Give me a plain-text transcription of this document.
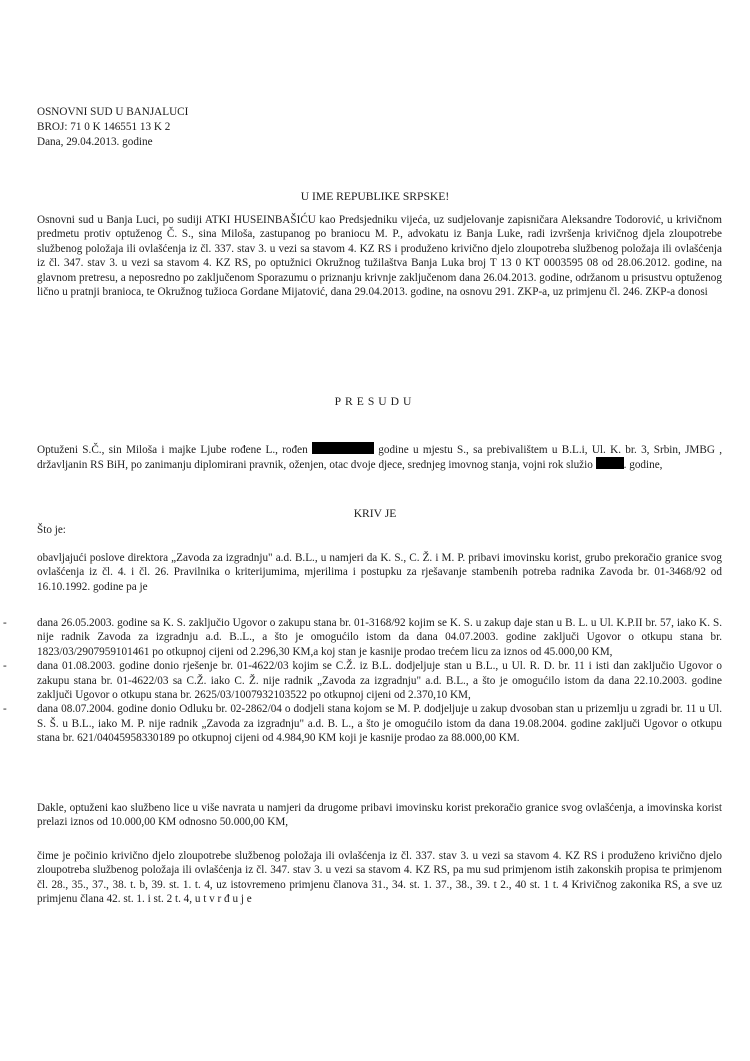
OSNOVNI SUD U BANJALUCI
BROJ: 71 0 K 146551 13 K 2
Dana, 29.04.2013. godine

U IME REPUBLIKE SRPSKE!

Osnovni sud u Banja Luci, po sudiji ATKI HUSEINBAŠIĆU kao Predsjedniku vijeća, uz sudjelovanje zapisničara Aleksandre Todorović, u krivičnom predmetu protiv optuženog Č. S., sina Miloša, zastupanog po braniocu M. P., advokatu iz Banja Luke, radi izvršenja krivičnog djela zloupotrebe službenog položaja ili ovlašćenja iz čl. 337. stav 3. u vezi sa stavom 4. KZ RS i produženo krivično djelo zloupotreba službenog položaja ili ovlašćenja iz čl. 347. stav 3. u vezi sa stavom 4. KZ RS, po optužnici Okružnog tužilaštva Banja Luka broj T 13 0 KT 0003595 08 od 28.06.2012. godine, na glavnom pretresu, a neposredno po zaključenom Sporazumu o priznanju krivnje zaključenom dana 26.04.2013. godine, održanom u prisustvu optuženog lično u pratnji branioca, te Okružnog tužioca Gordane Mijatović, dana 29.04.2013. godine, na osnovu 291. ZKP-a, uz primjenu čl. 246. ZKP-a donosi

PRESUDU

Optuženi S.Č., sin Miloša i majke Ljube rođene L., rođen	godine u mjestu S., sa prebivalištem u B.L.i, Ul. K. br. 3, Srbin, JMBG , državljanin RS BiH, po zanimanju diplomirani pravnik, oženjen, otac dvoje djece, srednjeg imovnog stanja, vojni rok služio	. godine,

KRIV JE

Što je:

obavljajući poslove direktora „Zavoda za izgradnju" a.d. B.L., u namjeri da K. S., C. Ž. i M. P. pribavi imovinsku korist, grubo prekoračio granice svog ovlašćenja iz čl. 4. i čl. 26. Pravilnika o kriterijumima, mjerilima i postupku za rješavanje stambenih potreba radnika Zavoda br. 01-3468/92 od 16.10.1992. godine pa je

-	dana 26.05.2003. godine sa K. S. zaključio Ugovor o zakupu stana br. 01-3168/92 kojim se K. S. u zakup daje stan u B. L. u Ul. K.P.II br. 57, iako K. S. nije radnik Zavoda za izgradnju a.d. B..L., a što je omogućilo istom da dana 04.07.2003. godine zaključi Ugovor o otkupu stana br. 1823/03/2907959101461 po otkupnoj cijeni od 2.296,30 KM,a koj stan je kasnije prodao trećem licu za iznos od 45.000,00 KM,
-	dana 01.08.2003. godine donio rješenje br. 01-4622/03 kojim se C.Ž. iz B.L. dodjeljuje stan u B.L., u Ul. R. D. br. 11 i isti dan zaključio Ugovor o zakupu stana br. 01-4622/03 sa C.Ž. iako C. Ž. nije radnik „Zavoda za izgradnju" a.d. B.L., a što je omogućilo istom da dana 22.10.2003. godine zaključi Ugovor o otkupu stana br. 2625/03/1007932103522 po otkupnoj cijeni od 2.370,10 KM,
-	dana 08.07.2004. godine donio Odluku br. 02-2862/04 o dodjeli stana kojom se M. P. dodjeljuje u zakup dvosoban stan u prizemlju u zgradi br. 11 u Ul. S. Š. u B.L., iako M. P. nije radnik „Zavoda za izgradnju" a.d. B. L., a što je omogućilo istom da dana 19.08.2004. godine zaključi Ugovor o otkupu stana br. 621/04045958330189 po otkupnoj cijeni od 4.984,90 KM koji je kasnije prodao za 88.000,00 KM.

Dakle, optuženi kao službeno lice u više navrata u namjeri da drugome pribavi imovinsku korist prekoračio granice svog ovlašćenja, a imovinska korist prelazi iznos od 10.000,00 KM odnosno 50.000,00 KM,

čime je počinio krivično djelo zloupotrebe službenog položaja ili ovlašćenja iz čl. 337. stav 3. u vezi sa stavom 4. KZ RS i produženo krivično djelo zloupotreba službenog položaja ili ovlašćenja iz čl. 347. stav 3. u vezi sa stavom 4. KZ RS, pa mu sud primjenom istih zakonskih propisa te primjenom čl. 28., 35., 37., 38. t. b, 39. st. 1. t. 4, uz istovremeno primjenu članova 31., 34. st. 1. 37., 38., 39. t 2., 40 st. 1 t. 4 Krivičnog zakonika RS, a sve uz primjenu člana 42. st. 1. i st. 2 t. 4, u t v r đ u j e
